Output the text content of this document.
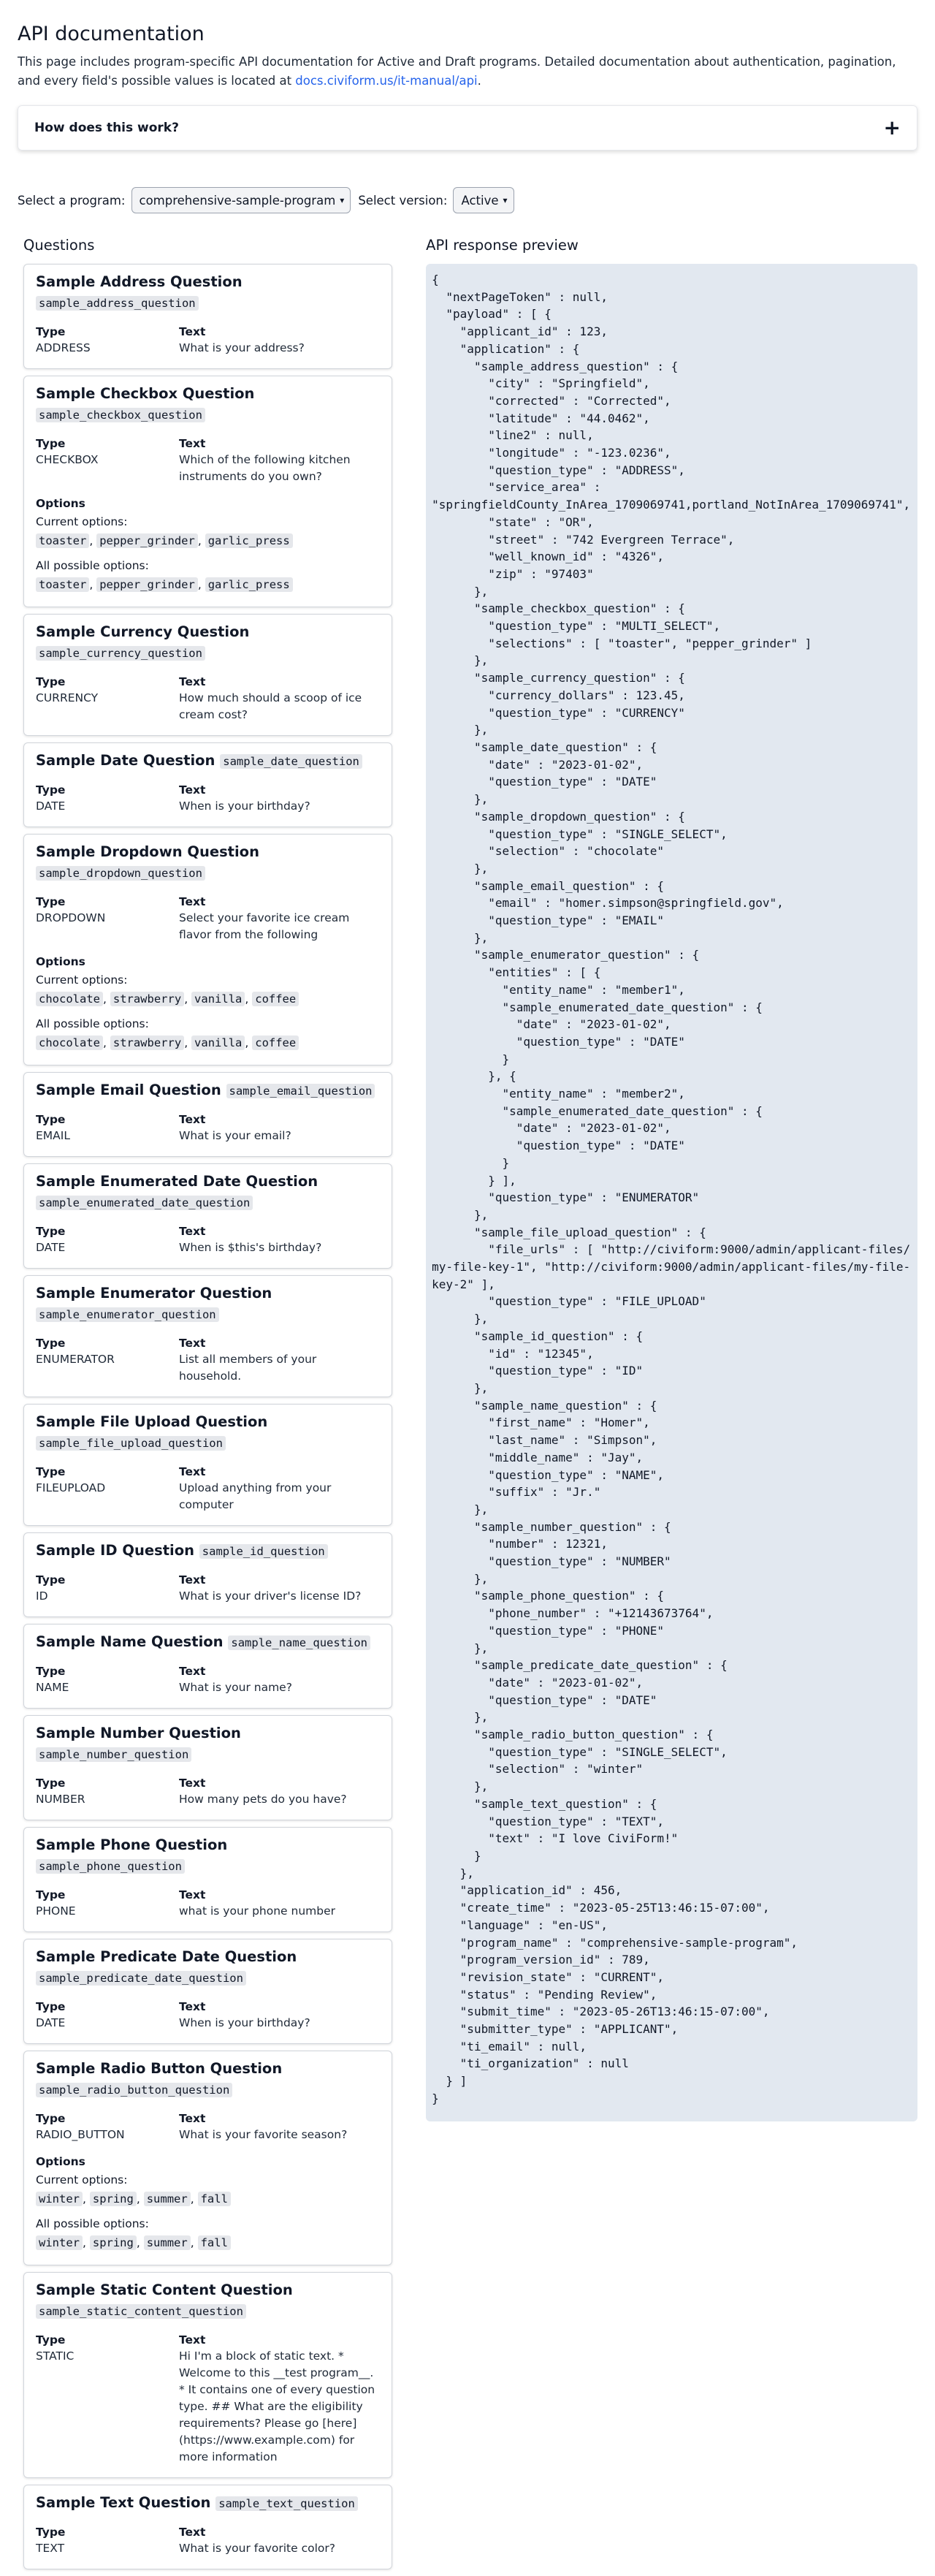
API documentation

This page includes program-specific API documentation for Active and Draft programs. Detailed documentation about authentication, pagination, and every field's possible values is located at docs.civiform.us/it-manual/api.

How does this work?	+
Select a program: comprehensive-sample-program ▾ Select version: Active ▾
Questions
Sample Address Question sample_address_question
Type
ADDRESS
Text
What is your address?
Sample Checkbox Question sample_checkbox_question
Type
CHECKBOX
Text
Which of the following kitchen instruments do you own?
Options
Current options:
toaster , pepper_grinder , garlic_press
All possible options:
toaster , pepper_grinder , garlic_press
Sample Currency Question sample_currency_question
Type
CURRENCY
Text
How much should a scoop of ice cream cost?
Sample Date Question sample_date_question
Type
DATE
Text
When is your birthday?
Sample Dropdown Question sample_dropdown_question
Type
DROPDOWN
Text
Select your favorite ice cream flavor from the following
Options
Current options:
chocolate , strawberry , vanilla , coffee
All possible options:
chocolate , strawberry , vanilla , coffee
Sample Email Question sample_email_question
Type
EMAIL
Text
What is your email?
Sample Enumerated Date Question sample_enumerated_date_question
Type
DATE
Text
When is $this's birthday?
Sample Enumerator Question sample_enumerator_question
Type
ENUMERATOR
Text
List all members of your household.
Sample File Upload Question sample_file_upload_question
Type
FILEUPLOAD
Text
Upload anything from your computer
Sample ID Question sample_id_question
Type
ID
Text
What is your driver's license ID?
Sample Name Question sample_name_question
Type
NAME
Text
What is your name?
Sample Number Question sample_number_question
Type
NUMBER
Text
How many pets do you have?
Sample Phone Question sample_phone_question
Type
PHONE
Text
what is your phone number
Sample Predicate Date Question sample_predicate_date_question
Type
DATE
Text
When is your birthday?
Sample Radio Button Question sample_radio_button_question
Type
RADIO_BUTTON
Text
What is your favorite season?
Options
Current options:
winter , spring , summer , fall
All possible options:
winter , spring , summer , fall
Sample Static Content Question sample_static_content_question
Type
STATIC
Text
Hi I'm a block of static text. * Welcome to this __test program__. * It contains one of every question type. ## What are the eligibility requirements? Please go [here](https://www.example.com) for more information
Sample Text Question sample_text_question
Type
TEXT
Text
What is your favorite color?
API response preview
{
"nextPageToken" : null,
"payload" : [ {
"applicant_id" : 123,
"application" : {
"sample_address_question" : {
"city" : "Springfield",
"corrected" : "Corrected",
"latitude" : "44.0462",
"line2" : null,
"longitude" : "-123.0236",
"question_type" : "ADDRESS",
"service_area" :
"springfieldCounty_InArea_1709069741,portland_NotInArea_1709069741",
"state" : "OR",
"street" : "742 Evergreen Terrace",
"well_known_id" : "4326",
"zip" : "97403"
},
"sample_checkbox_question" : {
"question_type" : "MULTI_SELECT",
"selections" : [ "toaster", "pepper_grinder" ]
},
"sample_currency_question" : {
"currency_dollars" : 123.45,
"question_type" : "CURRENCY"
},
"sample_date_question" : {
"date" : "2023-01-02",
"question_type" : "DATE"
},
"sample_dropdown_question" : {
"question_type" : "SINGLE_SELECT",
"selection" : "chocolate"
},
"sample_email_question" : {
"email" : "homer.simpson@springfield.gov",
"question_type" : "EMAIL"
},
"sample_enumerator_question" : {
"entities" : [ {
"entity_name" : "member1",
"sample_enumerated_date_question" : {
"date" : "2023-01-02",
"question_type" : "DATE"
}
}, {
"entity_name" : "member2",
"sample_enumerated_date_question" : {
"date" : "2023-01-02",
"question_type" : "DATE"
}
} ],
"question_type" : "ENUMERATOR"
},
"sample_file_upload_question" : {
"file_urls" : [ "http://civiform:9000/admin/applicant-files/my-file-key-1", "http://civiform:9000/admin/applicant-files/my-file-key-2" ],
"question_type" : "FILE_UPLOAD"
},
"sample_id_question" : {
"id" : "12345",
"question_type" : "ID"
},
"sample_name_question" : {
"first_name" : "Homer",
"last_name" : "Simpson",
"middle_name" : "Jay",
"question_type" : "NAME",
"suffix" : "Jr."
},
"sample_number_question" : {
"number" : 12321,
"question_type" : "NUMBER"
},
"sample_phone_question" : {
"phone_number" : "+12143673764",
"question_type" : "PHONE"
},
"sample_predicate_date_question" : {
"date" : "2023-01-02",
"question_type" : "DATE"
},
"sample_radio_button_question" : {
"question_type" : "SINGLE_SELECT",
"selection" : "winter"
},
"sample_text_question" : {
"question_type" : "TEXT",
"text" : "I love CiviForm!"
}
},
"application_id" : 456,
"create_time" : "2023-05-25T13:46:15-07:00",
"language" : "en-US",
"program_name" : "comprehensive-sample-program",
"program_version_id" : 789,
"revision_state" : "CURRENT",
"status" : "Pending Review",
"submit_time" : "2023-05-26T13:46:15-07:00",
"submitter_type" : "APPLICANT",
"ti_email" : null,
"ti_organization" : null
} ]
}
